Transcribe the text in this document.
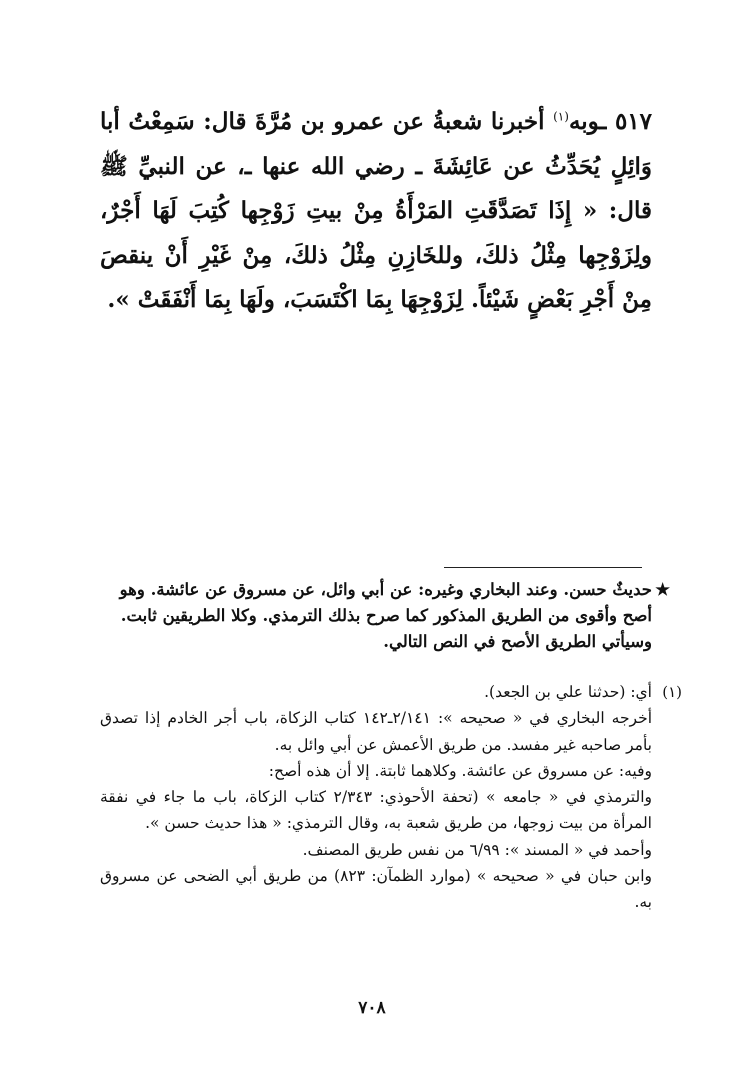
٥١٧ ـوبه$^{(١)}$ أخبرنا شعبةُ عن عمرو بن مُرَّةَ قال: سَمِعْتُ أبا وَائِلٍ يُحَدِّثُ عن عَائِشَةَ ـ رضي الله عنها ـ، عن النبيِّ ﷺ قال: « إِذَا تَصَدَّقَتِ المَرْأَةُ مِنْ بيتِ زَوْجِها كُتِبَ لَهَا أَجْرٌ، ولِزَوْجِها مِثْلُ ذلكَ، وللخَازِنِ مِثْلُ ذلكَ، مِنْ غَيْرِ أَنْ ينقصَ مِنْ أَجْرِ بَعْضٍ شَيْئاً. لِزَوْجِهَا بِمَا اكْتَسَبَ، ولَهَا بِمَا أَنْفَقَتْ ».

★
حديثٌ حسن. وعند البخاري وغيره: عن أبي وائل، عن مسروق عن عائشة. وهو أصح وأقوى من الطريق المذكور كما صرح بذلك الترمذي. وكلا الطريقين ثابت. وسيأتي الطريق الأصح في النص التالي.
(١)
أي: (حدثنا علي بن الجعد).
أخرجه البخاري في « صحيحه »: ٢/١٤١ـ١٤٢ كتاب الزكاة، باب أجر الخادم إذا تصدق بأمر صاحبه غير مفسد. من طريق الأعمش عن أبي وائل به.
وفيه: عن مسروق عن عائشة. وكلاهما ثابتة. إلا أن هذه أصح:
والترمذي في « جامعه » (تحفة الأحوذي: ٢/٣٤٣ كتاب الزكاة، باب ما جاء في نفقة المرأة من بيت زوجها، من طريق شعبة به، وقال الترمذي: « هذا حديث حسن ».
وأحمد في « المسند »: ٦/٩٩ من نفس طريق المصنف.
وابن حبان في « صحيحه » (موارد الظمآن: ٨٢٣) من طريق أبي الضحى عن مسروق به.
٧٠٨
